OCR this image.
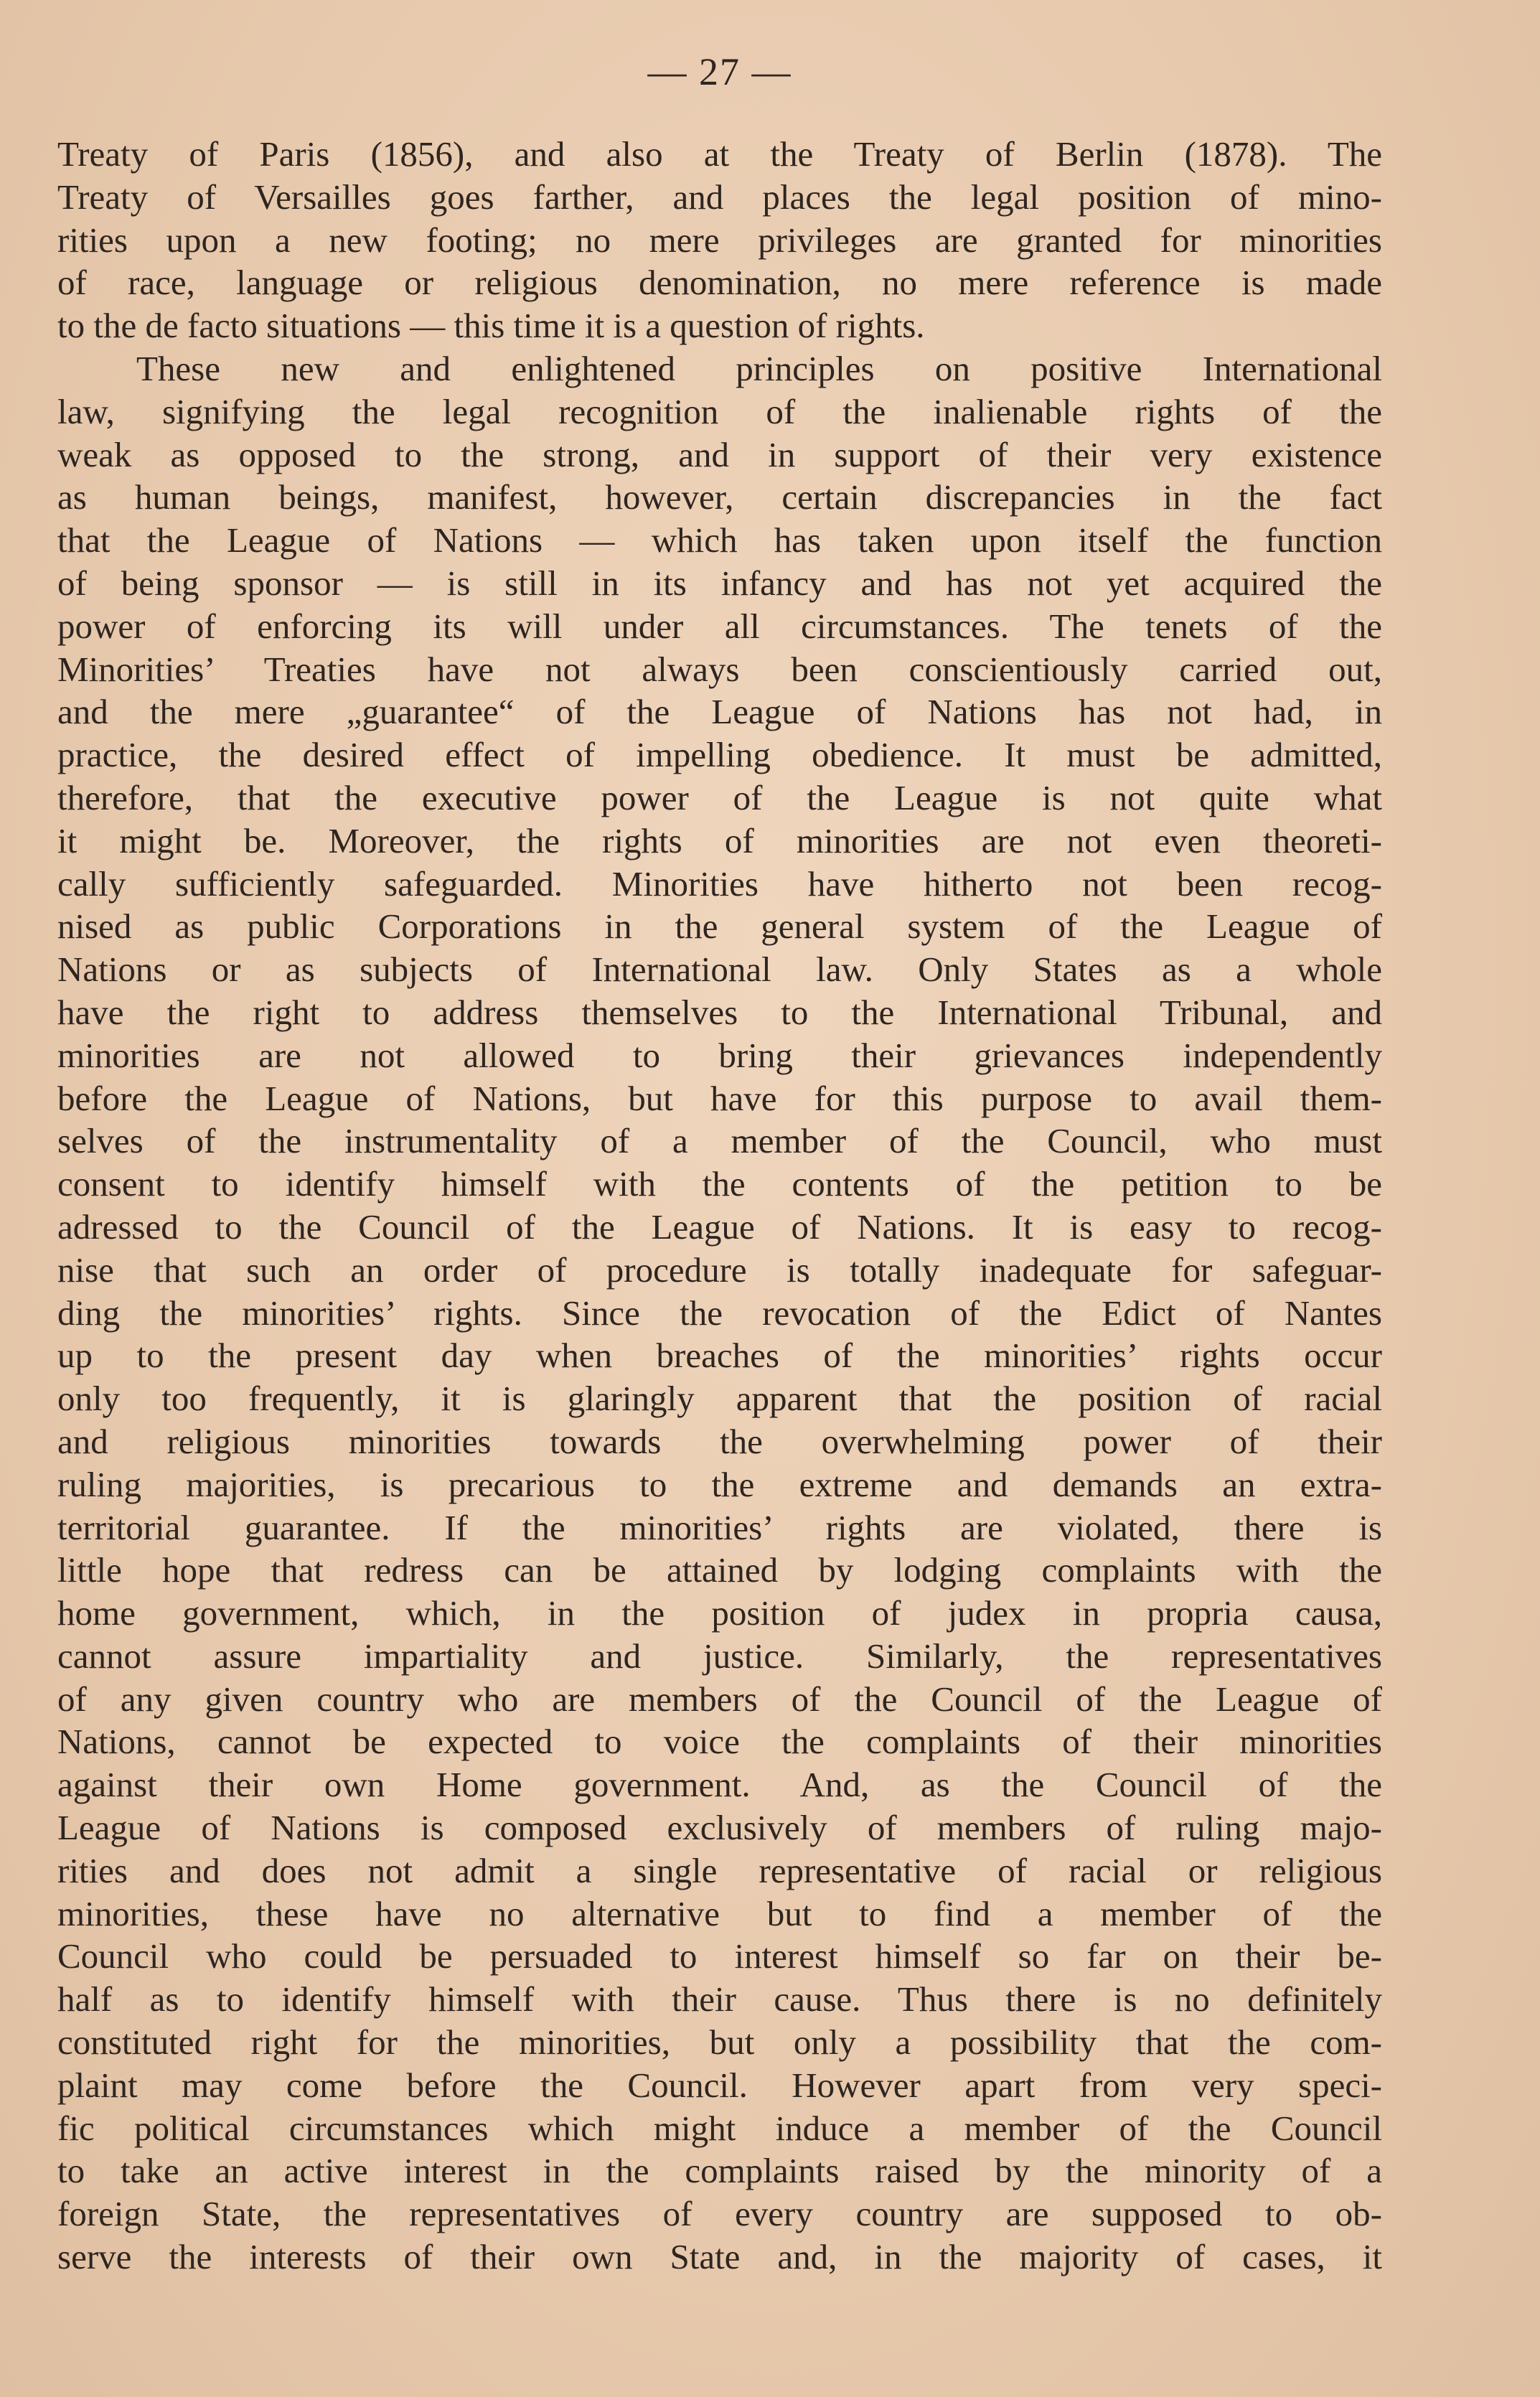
— 27 —
Treaty of Paris (1856), and also at the Treaty of Berlin (1878). The
Treaty of Versailles goes farther, and places the legal position of mino-
rities upon a new footing; no mere privileges are granted for minorities
of race, language or religious denomination, no mere reference is made
to the de facto situations — this time it is a question of rights.
These new and enlightened principles on positive International
law, signifying the legal recognition of the inalienable rights of the
weak as opposed to the strong, and in support of their very existence
as human beings, manifest, however, certain discrepancies in the fact
that the League of Nations — which has taken upon itself the function
of being sponsor — is still in its infancy and has not yet acquired the
power of enforcing its will under all circumstances. The tenets of the
Minorities’ Treaties have not always been conscientiously carried out,
and the mere „guarantee“ of the League of Nations has not had, in
practice, the desired effect of impelling obedience. It must be admitted,
therefore, that the executive power of the League is not quite what
it might be. Moreover, the rights of minorities are not even theoreti-
cally sufficiently safeguarded. Minorities have hitherto not been recog-
nised as public Corporations in the general system of the League of
Nations or as subjects of International law. Only States as a whole
have the right to address themselves to the International Tribunal, and
minorities are not allowed to bring their grievances independently
before the League of Nations, but have for this purpose to avail them-
selves of the instrumentality of a member of the Council, who must
consent to identify himself with the contents of the petition to be
adressed to the Council of the League of Nations. It is easy to recog-
nise that such an order of procedure is totally inadequate for safeguar-
ding the minorities’ rights. Since the revocation of the Edict of Nantes
up to the present day when breaches of the minorities’ rights occur
only too frequently, it is glaringly apparent that the position of racial
and religious minorities towards the overwhelming power of their
ruling majorities, is precarious to the extreme and demands an extra-
territorial guarantee. If the minorities’ rights are violated, there is
little hope that redress can be attained by lodging complaints with the
home government, which, in the position of judex in propria causa,
cannot assure impartiality and justice. Similarly, the representatives
of any given country who are members of the Council of the League of
Nations, cannot be expected to voice the complaints of their minorities
against their own Home government. And, as the Council of the
League of Nations is composed exclusively of members of ruling majo-
rities and does not admit a single representative of racial or religious
minorities, these have no alternative but to find a member of the
Council who could be persuaded to interest himself so far on their be-
half as to identify himself with their cause. Thus there is no definitely
constituted right for the minorities, but only a possibility that the com-
plaint may come before the Council. However apart from very speci-
fic political circumstances which might induce a member of the Council
to take an active interest in the complaints raised by the minority of a
foreign State, the representatives of every country are supposed to ob-
serve the interests of their own State and, in the majority of cases, it
